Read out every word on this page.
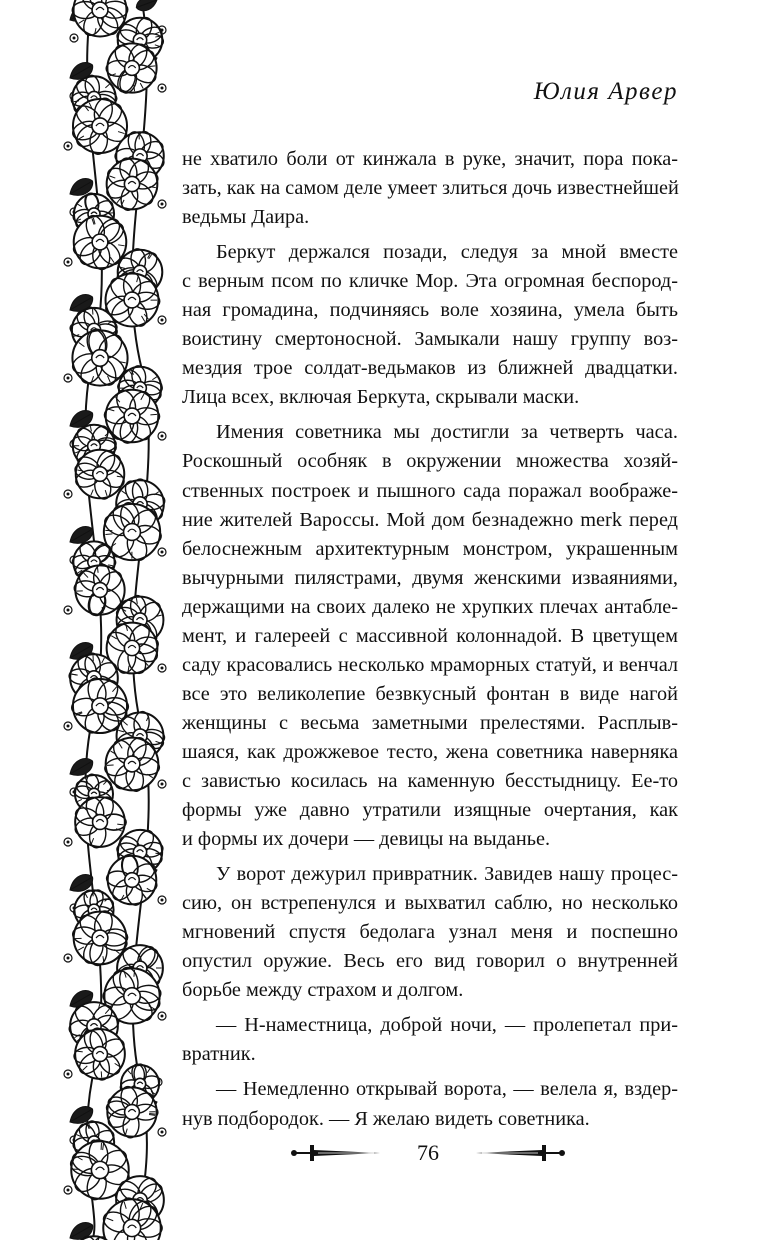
Юлия Арвер

не хватило боли от кинжала в руке, значит, пора пока-
зать, как на самом деле умеет злиться дочь известнейшей
ведьмы Даира.

Беркут держался позади, следуя за мной вместе
с верным псом по кличке Мор. Эта огромная беспород-
ная громадина, подчиняясь воле хозяина, умела быть
воистину смертоносной. Замыкали нашу группу воз-
мездия трое солдат-ведьмаков из ближней двадцатки.
Лица всех, включая Беркута, скрывали маски.

Имения советника мы достигли за четверть часа.
Роскошный особняк в окружении множества хозяй-
ственных построек и пышного сада поражал воображе-
ние жителей Вароссы. Мой дом безнадежно merk перед
белоснежным архитектурным монстром, украшенным
вычурными пилястрами, двумя женскими изваяниями,
держащими на своих далеко не хрупких плечах антабле-
мент, и галереей с массивной колоннадой. В цветущем
саду красовались несколько мраморных статуй, и венчал
все это великолепие безвкусный фонтан в виде нагой
женщины с весьма заметными прелестями. Расплыв-
шаяся, как дрожжевое тесто, жена советника наверняка
с завистью косилась на каменную бесстыдницу. Ее-то
формы уже давно утратили изящные очертания, как
и формы их дочери — девицы на выданье.

У ворот дежурил привратник. Завидев нашу процес-
сию, он встрепенулся и выхватил саблю, но несколько
мгновений спустя бедолага узнал меня и поспешно
опустил оружие. Весь его вид говорил о внутренней
борьбе между страхом и долгом.

— Н-наместница, доброй ночи, — пролепетал при-
вратник.

— Немедленно открывай ворота, — велела я, вздер-
нув подбородок. — Я желаю видеть советника.

76
